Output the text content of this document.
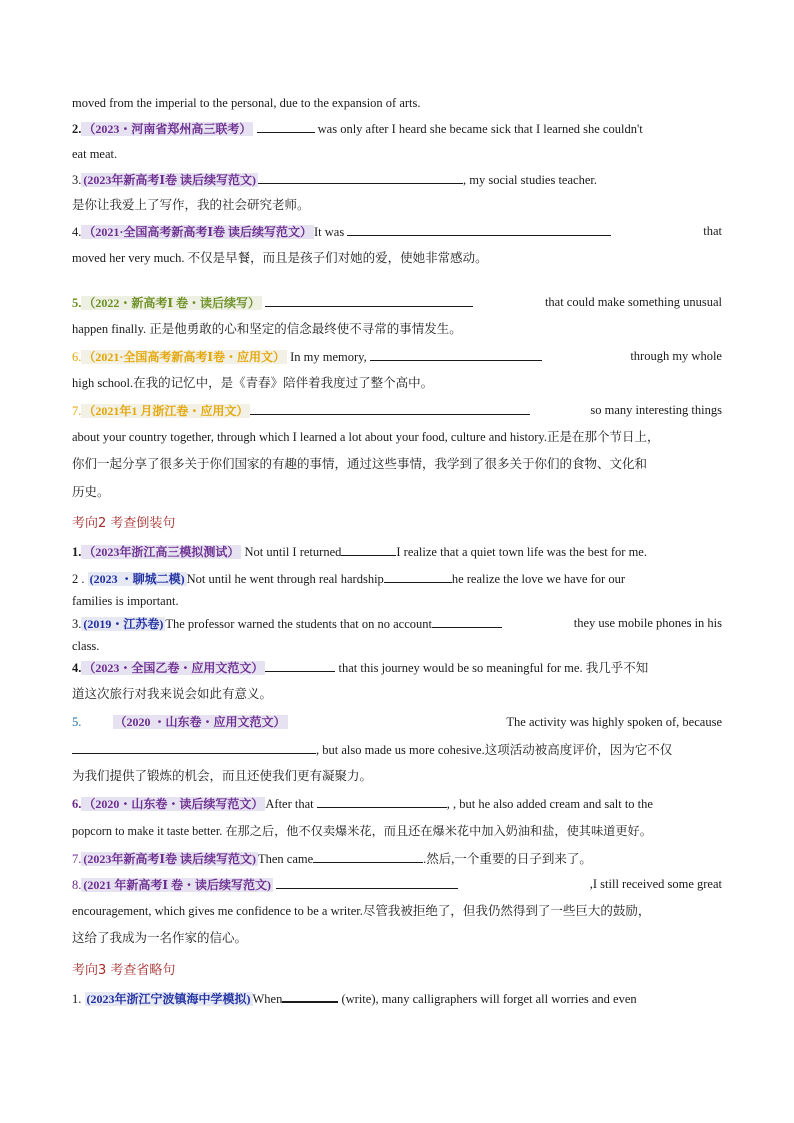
moved from the imperial to the personal, due to the expansion of arts.
2. （2023・河南省郑州高三联考）	was only after I heard she became sick that I learned she couldn't
eat meat.
3. (2023年新高考Ⅰ卷 读后续写范文)	, my social studies teacher.
是你让我爱上了写作，我的社会研究老师。
4. （2021·全国高考新高考Ⅰ卷 读后续写范文） It was	that
moved her very much. 不仅是早餐，而且是孩子们对她的爱，使她非常感动。
5. （2022・新高考Ⅰ 卷・读后续写）	that could make something unusual
happen finally. 正是他勇敢的心和坚定的信念最终使不寻常的事情发生。
6. （2021·全国高考新高考Ⅰ卷・应用文） In my memory,	through my whole
high school.在我的记忆中，是《青春》陪伴着我度过了整个高中。
7. （2021年1 月浙江卷・应用文）	so many interesting things
about your country together, through which I learned a lot about your food, culture and history.正是在那个节日上，
你们一起分享了很多关于你们国家的有趣的事情，通过这些事情，我学到了很多关于你们的食物、文化和
历史。
考向2 考查倒装句
1. （2023年浙江高三模拟测试） Not until I returned	I realize that a quiet town life was the best for me.
2 . (2023 ・聊城二模) Not until he went through real hardship	he realize the love we have for our
families is important.
3. (2019・江苏卷) The professor warned the students that on no account	they use mobile phones in his
class.
4. （2023・全国乙卷・应用文范文）	that this journey would be so meaningful for me. 我几乎不知
道这次旅行对我来说会如此有意义。
5.	（2020 ・山东卷・应用文范文）	The activity was highly spoken of, because
, but also made us more cohesive.这项活动被高度评价，因为它不仅
为我们提供了锻炼的机会，而且还使我们更有凝聚力。
6. （2020・山东卷・读后续写范文） After that	, , but he also added cream and salt to the
popcorn to make it taste better. 在那之后，他不仅卖爆米花，而且还在爆米花中加入奶油和盐，使其味道更好。
7. (2023年新高考Ⅰ卷 读后续写范文) Then came	.然后,一个重要的日子到来了。
8. (2021 年新高考Ⅰ 卷・读后续写范文)	,I still received some great
encouragement, which gives me confidence to be a writer.尽管我被拒绝了，但我仍然得到了一些巨大的鼓励，
这给了我成为一名作家的信心。
考向3 考查省略句
1. (2023年浙江宁波镇海中学模拟) When	(write), many calligraphers will forget all worries and even
